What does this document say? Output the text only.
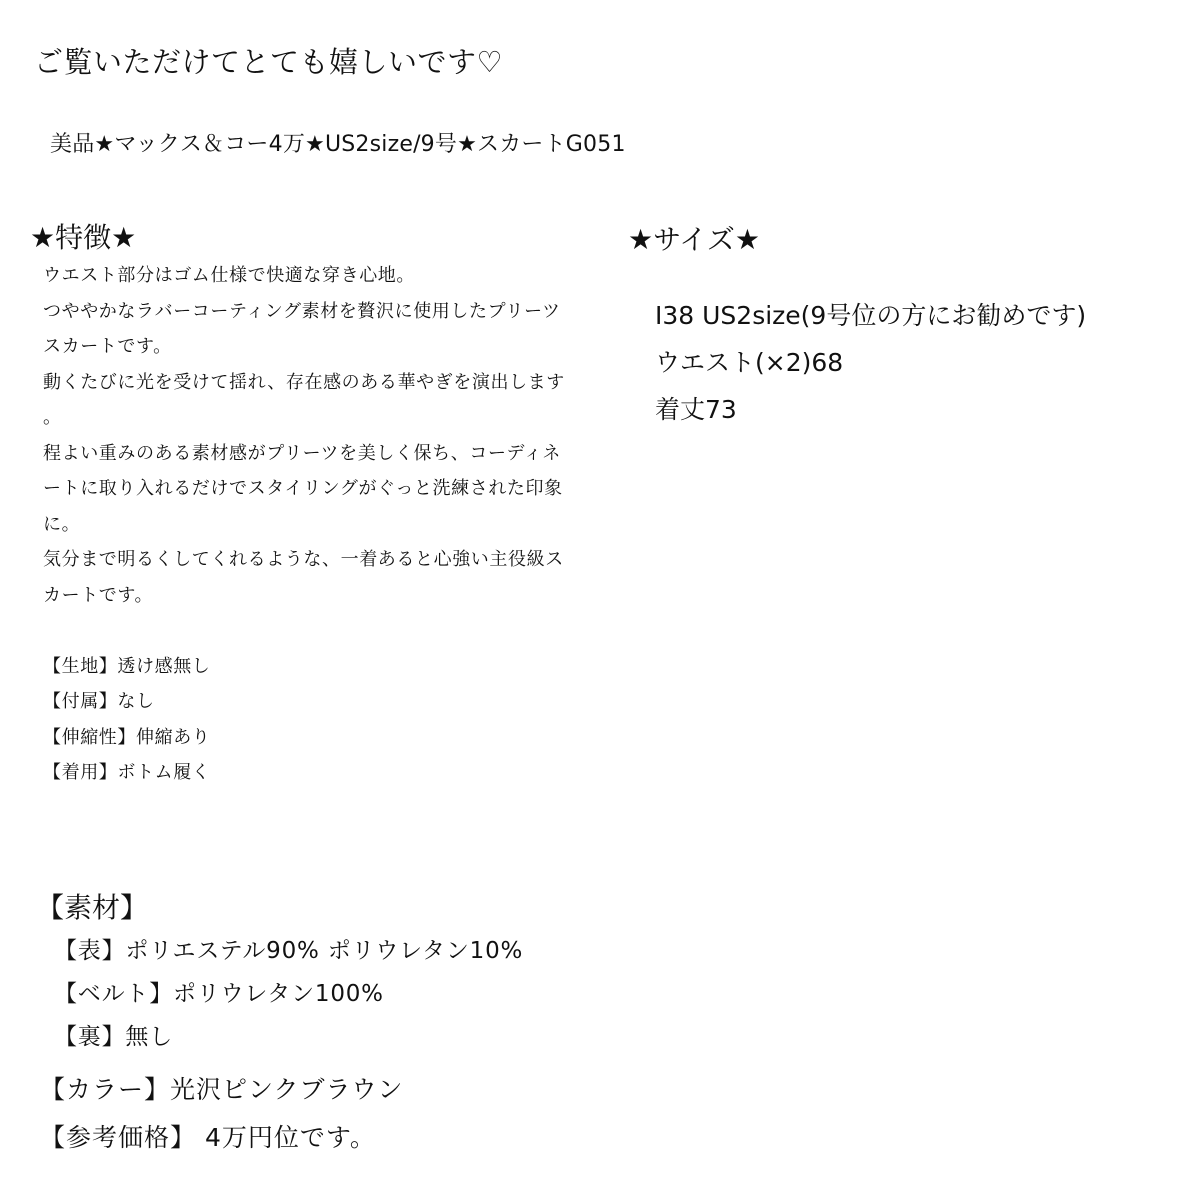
ご覧いただけてとても嬉しいです♡
美品★マックス＆コー4万★US2size/9号★スカートG051
★特徴★
ウエスト部分はゴム仕様で快適な穿き心地。
つややかなラバーコーティング素材を贅沢に使用したプリーツ
スカートです。
動くたびに光を受けて揺れ、存在感のある華やぎを演出します
。
程よい重みのある素材感がプリーツを美しく保ち、コーディネ
ートに取り入れるだけでスタイリングがぐっと洗練された印象
に。
気分まで明るくしてくれるような、一着あると心強い主役級ス
カートです。
【生地】透け感無し
【付属】なし
【伸縮性】伸縮あり
【着用】ボトム履く
★サイズ★
I38 US2size(9号位の方にお勧めです)
ウエスト(×2)68
着丈73
【素材】
【表】ポリエステル90% ポリウレタン10%
【ベルト】ポリウレタン100%
【裏】無し
【カラー】光沢ピンクブラウン
【参考価格】 4万円位です。
